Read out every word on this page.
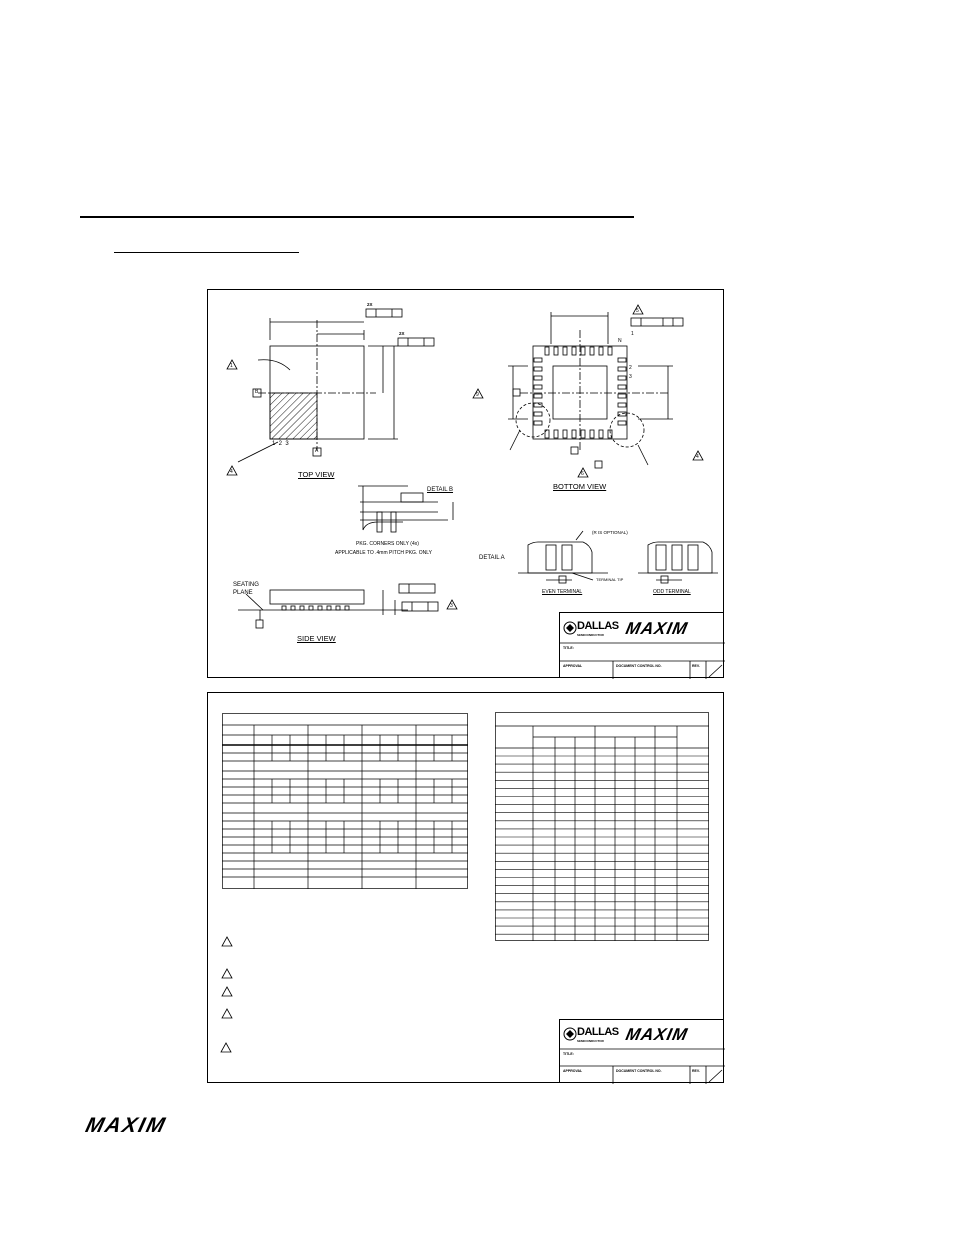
2X
2X
B
A
1  2  3
1
4	TOP VIEW
N
1
2
3
9
5
4
6
BOTTOM VIEW
DETAIL B
PKG. CORNERS ONLY (4x)
APPLICABLE TO .4mm PITCH PKG. ONLY
SEATING
PLANE
3
SIDE VIEW
DETAIL A
(R IS OPTIONAL)
TERMINAL TIP
EVEN TERMINAL	ODD TERMINAL
DALLAS
SEMICONDUCTOR MAXIM
TITLE:
APPROVAL	DOCUMENT CONTROL NO.	REV.
DALLAS
SEMICONDUCTOR MAXIM
TITLE:
APPROVAL	DOCUMENT CONTROL NO.	REV.
MAXIM
